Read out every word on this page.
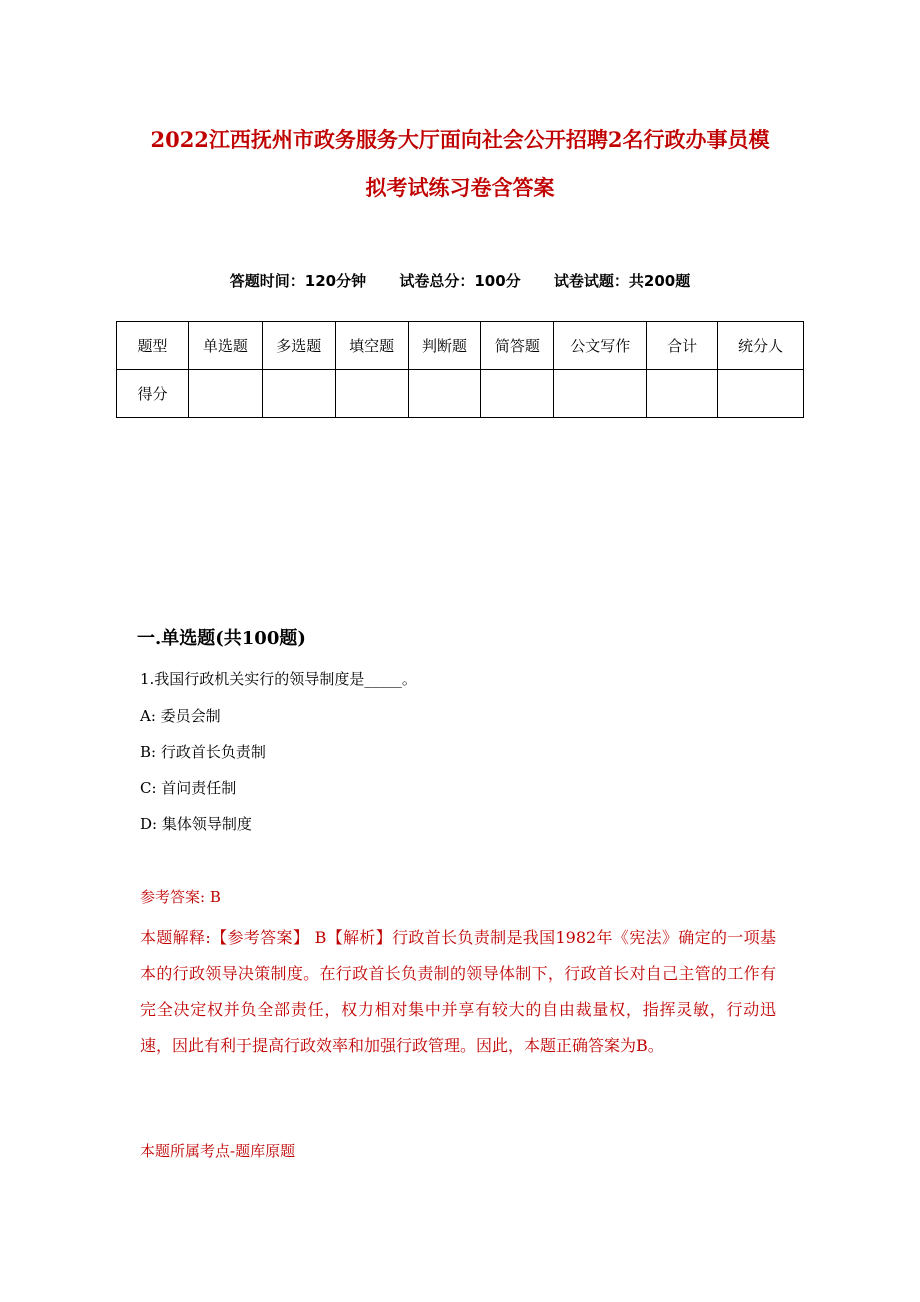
2022江西抚州市政务服务大厅面向社会公开招聘2名行政办事员模
拟考试练习卷含答案
答题时间：120分钟 试卷总分：100分 试卷试题：共200题
题型	单选题	多选题	填空题	判断题	简答题	公文写作	合计	统分人
得分								
一.单选题(共100题)
1.我国行政机关实行的领导制度是_____。
A: 委员会制
B: 行政首长负责制
C: 首问责任制
D: 集体领导制度
参考答案: B
本题解释:【参考答案】 B【解析】行政首长负责制是我国1982年《宪法》确定的一项基本的行政领导决策制度。在行政首长负责制的领导体制下，行政首长对自己主管的工作有完全决定权并负全部责任，权力相对集中并享有较大的自由裁量权，指挥灵敏，行动迅速，因此有利于提高行政效率和加强行政管理。因此，本题正确答案为B。
本题所属考点-题库原题
